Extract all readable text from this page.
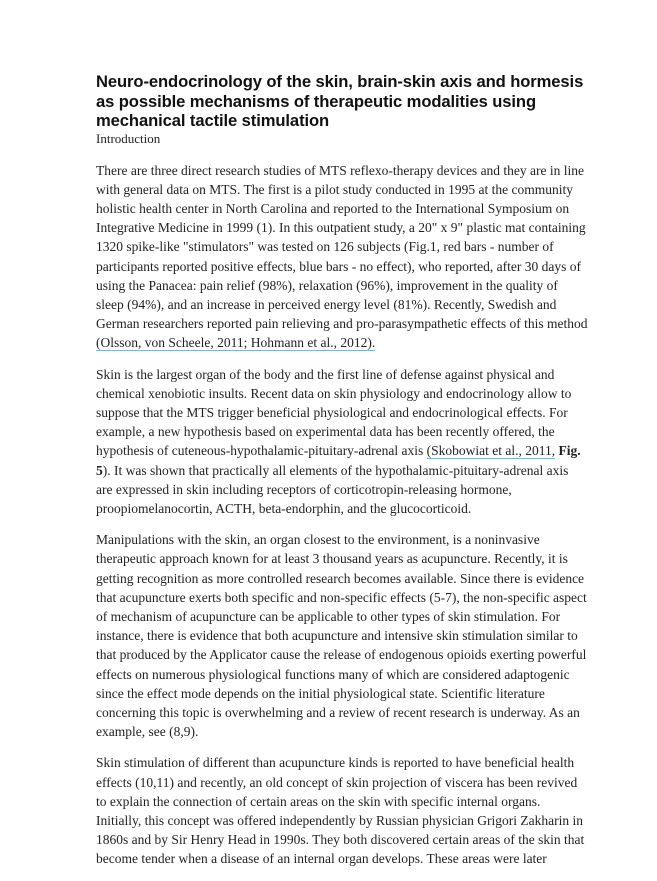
Neuro-endocrinology of the skin, brain-skin axis and hormesis as possible mechanisms of therapeutic modalities using mechanical tactile stimulation
Introduction

There are three direct research studies of MTS reflexo-therapy devices and they are in line with general data on MTS. The first is a pilot study conducted in 1995 at the community holistic health center in North Carolina and reported to the International Symposium on Integrative Medicine in 1999 (1). In this outpatient study, a 20" x 9" plastic mat containing 1320 spike-like "stimulators" was tested on 126 subjects (Fig.1, red bars - number of participants reported positive effects, blue bars - no effect), who reported, after 30 days of using the Panacea: pain relief (98%), relaxation (96%), improvement in the quality of sleep (94%), and an increase in perceived energy level (81%). Recently, Swedish and German researchers reported pain relieving and pro-parasympathetic effects of this method (Olsson, von Scheele, 2011; Hohmann et al., 2012).

Skin is the largest organ of the body and the first line of defense against physical and chemical xenobiotic insults. Recent data on skin physiology and endocrinology allow to suppose that the MTS trigger beneficial physiological and endocrinological effects. For example, a new hypothesis based on experimental data has been recently offered, the hypothesis of cuteneous-hypothalamic-pituitary-adrenal axis (Skobowiat et al., 2011, Fig. 5). It was shown that practically all elements of the hypothalamic-pituitary-adrenal axis are expressed in skin including receptors of corticotropin-releasing hormone, proopiomelanocortin, ACTH, beta-endorphin, and the glucocorticoid.

Manipulations with the skin, an organ closest to the environment, is a noninvasive therapeutic approach known for at least 3 thousand years as acupuncture. Recently, it is getting recognition as more controlled research becomes available. Since there is evidence that acupuncture exerts both specific and non-specific effects (5-7), the non-specific aspect of mechanism of acupuncture can be applicable to other types of skin stimulation. For instance, there is evidence that both acupuncture and intensive skin stimulation similar to that produced by the Applicator cause the release of endogenous opioids exerting powerful effects on numerous physiological functions many of which are considered adaptogenic since the effect mode depends on the initial physiological state. Scientific literature concerning this topic is overwhelming and a review of recent research is underway. As an example, see (8,9).

Skin stimulation of different than acupuncture kinds is reported to have beneficial health effects (10,11) and recently, an old concept of skin projection of viscera has been revived to explain the connection of certain areas on the skin with specific internal organs. Initially, this concept was offered independently by Russian physician Grigori Zakharin in 1860s and by Sir Henry Head in 1990s. They both discovered certain areas of the skin that become tender when a disease of an internal organ develops. These areas were later
